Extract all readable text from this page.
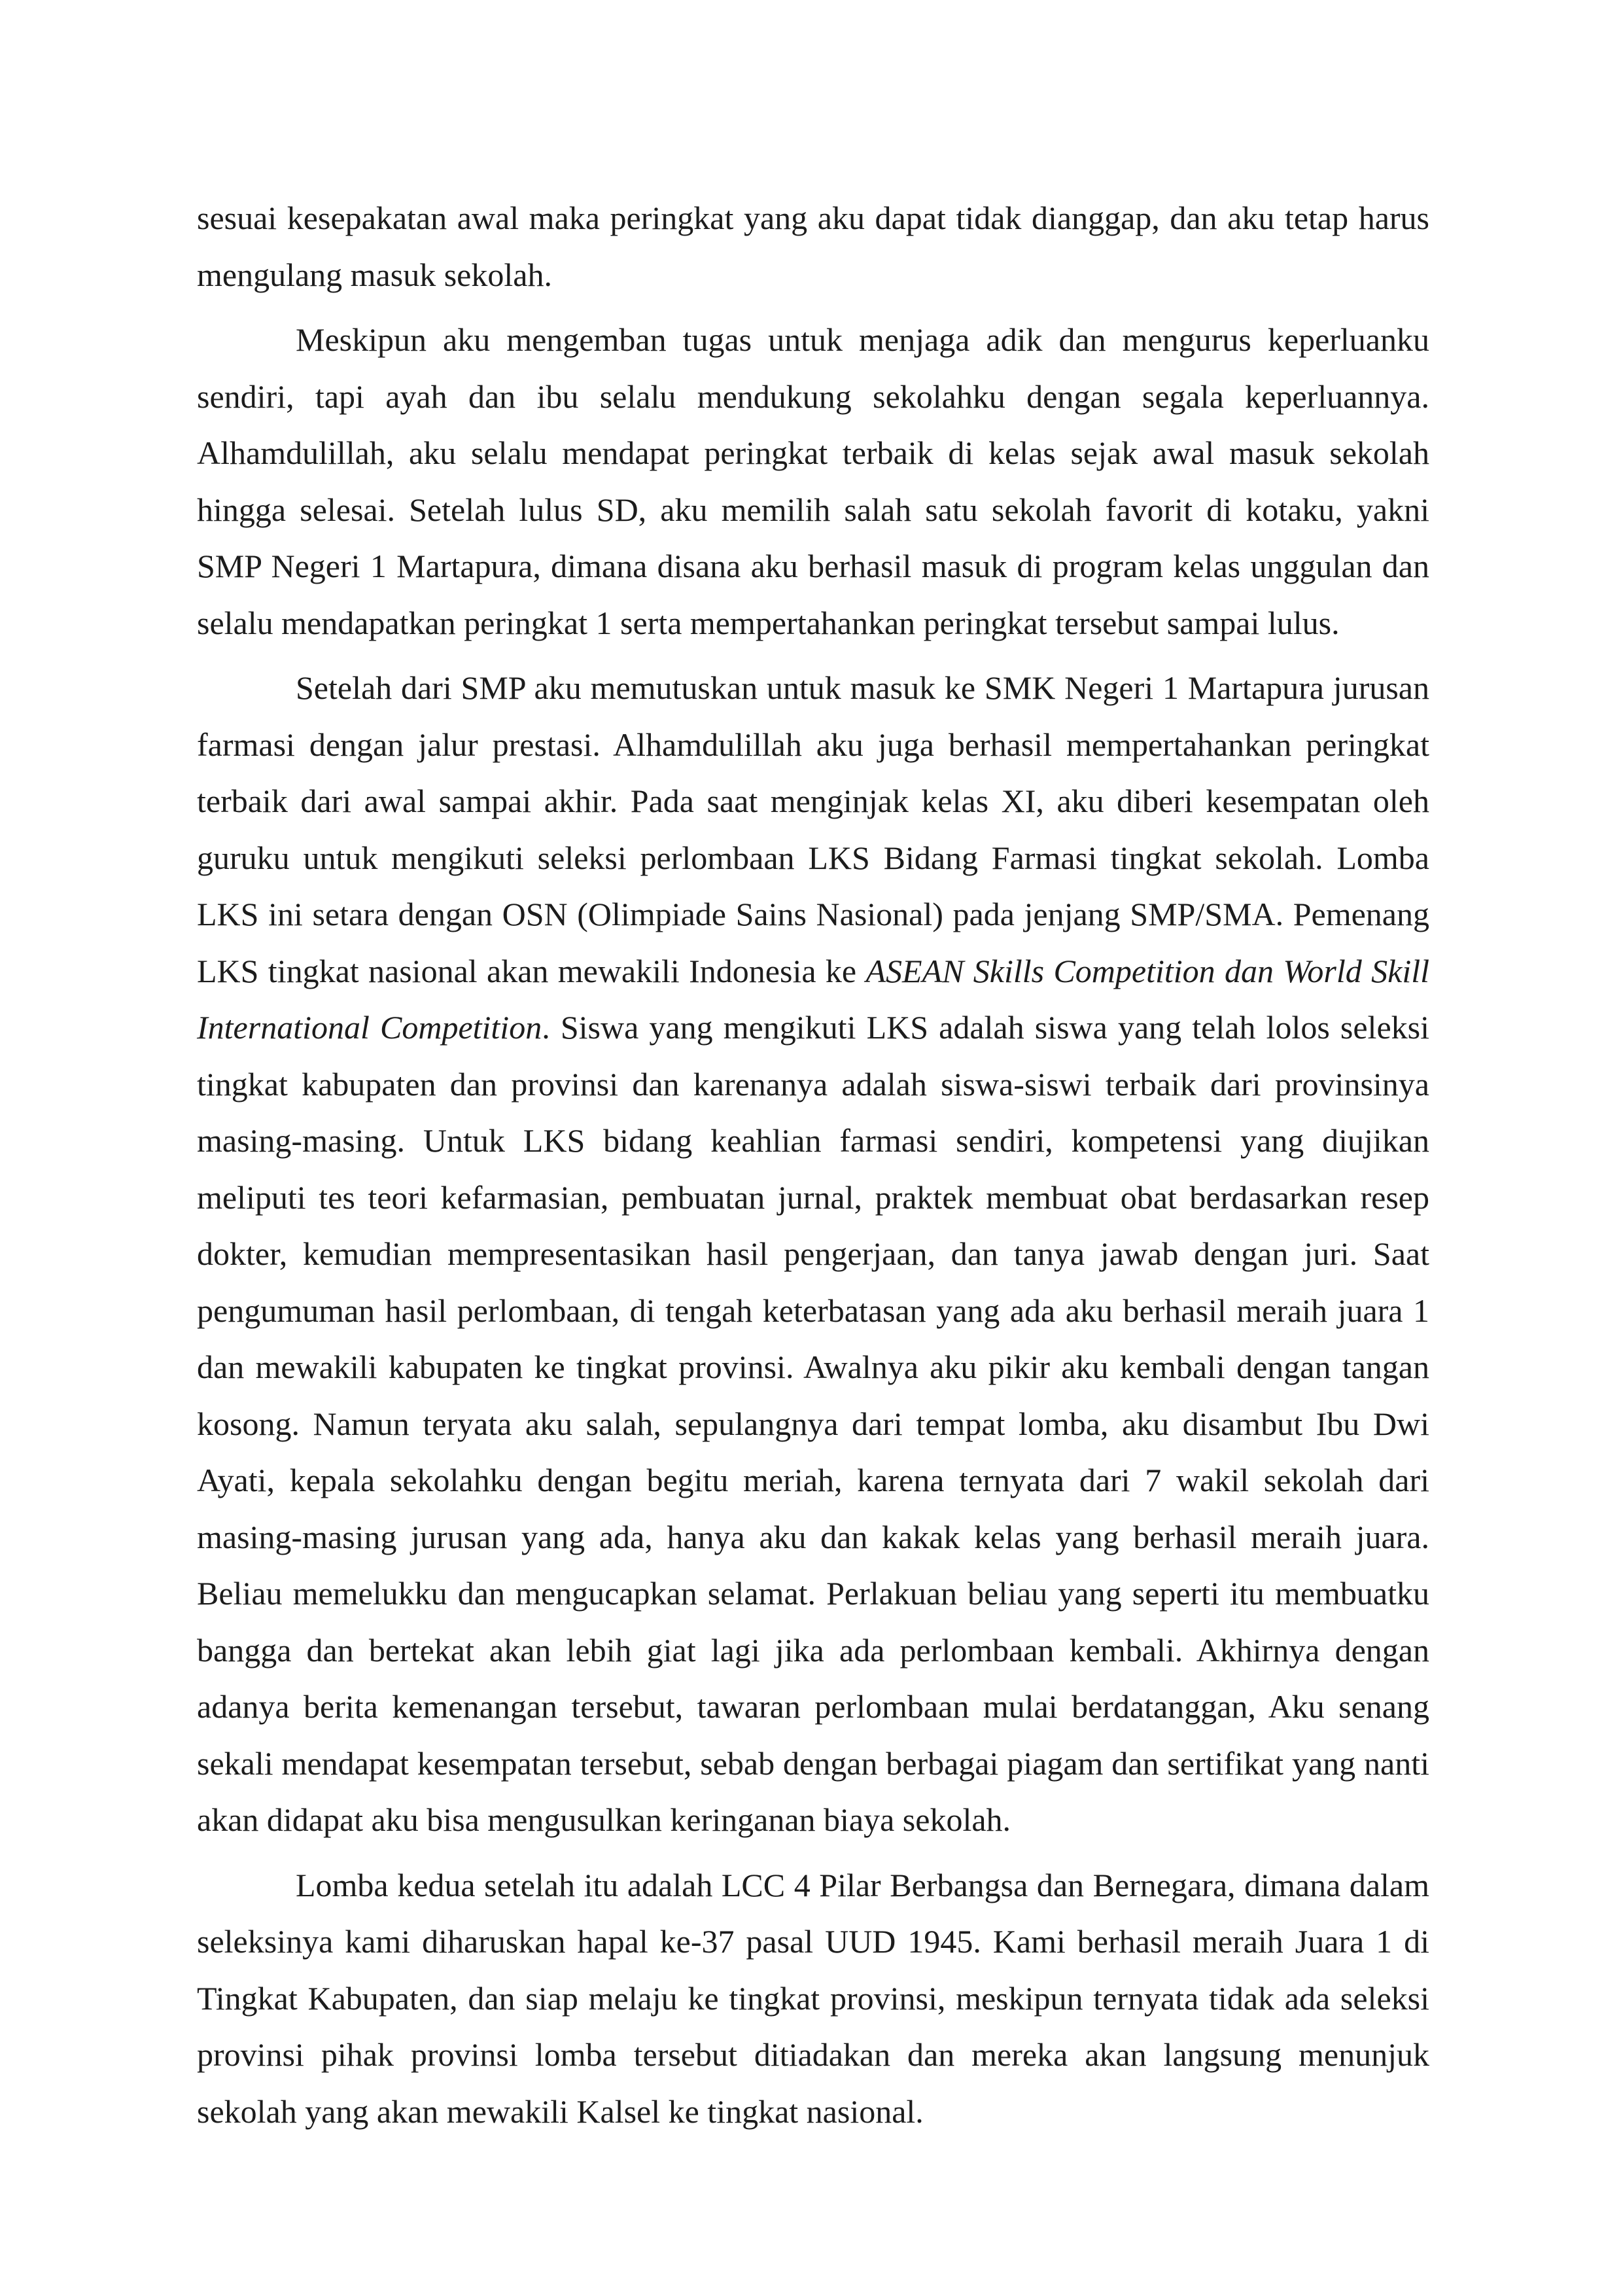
sesuai kesepakatan awal maka peringkat yang aku dapat tidak dianggap, dan aku tetap harus mengulang masuk sekolah.

Meskipun aku mengemban tugas untuk menjaga adik dan mengurus keperluanku sendiri, tapi ayah dan ibu selalu mendukung sekolahku dengan segala keperluannya. Alhamdulillah, aku selalu mendapat peringkat terbaik di kelas sejak awal masuk sekolah hingga selesai. Setelah lulus SD, aku memilih salah satu sekolah favorit di kotaku, yakni SMP Negeri 1 Martapura, dimana disana aku berhasil masuk di program kelas unggulan dan selalu mendapatkan peringkat 1 serta mempertahankan peringkat tersebut sampai lulus.

Setelah dari SMP aku memutuskan untuk masuk ke SMK Negeri 1 Martapura jurusan farmasi dengan jalur prestasi. Alhamdulillah aku juga berhasil mempertahankan peringkat terbaik dari awal sampai akhir. Pada saat menginjak kelas XI, aku diberi kesempatan oleh guruku untuk mengikuti seleksi perlombaan LKS Bidang Farmasi tingkat sekolah. Lomba LKS ini setara dengan OSN (Olimpiade Sains Nasional) pada jenjang SMP/SMA. Pemenang LKS tingkat nasional akan mewakili Indonesia ke ASEAN Skills Competition dan World Skill International Competition. Siswa yang mengikuti LKS adalah siswa yang telah lolos seleksi tingkat kabupaten dan provinsi dan karenanya adalah siswa-siswi terbaik dari provinsinya masing-masing. Untuk LKS bidang keahlian farmasi sendiri, kompetensi yang diujikan meliputi tes teori kefarmasian, pembuatan jurnal, praktek membuat obat berdasarkan resep dokter, kemudian mempresentasikan hasil pengerjaan, dan tanya jawab dengan juri. Saat pengumuman hasil perlombaan, di tengah keterbatasan yang ada aku berhasil meraih juara 1 dan mewakili kabupaten ke tingkat provinsi. Awalnya aku pikir aku kembali dengan tangan kosong. Namun teryata aku salah, sepulangnya dari tempat lomba, aku disambut Ibu Dwi Ayati, kepala sekolahku dengan begitu meriah, karena ternyata dari 7 wakil sekolah dari masing-masing jurusan yang ada, hanya aku dan kakak kelas yang berhasil meraih juara. Beliau memelukku dan mengucapkan selamat. Perlakuan beliau yang seperti itu membuatku bangga dan bertekat akan lebih giat lagi jika ada perlombaan kembali. Akhirnya dengan adanya berita kemenangan tersebut, tawaran perlombaan mulai berdatanggan, Aku senang sekali mendapat kesempatan tersebut, sebab dengan berbagai piagam dan sertifikat yang nanti akan didapat aku bisa mengusulkan keringanan biaya sekolah.

Lomba kedua setelah itu adalah LCC 4 Pilar Berbangsa dan Bernegara, dimana dalam seleksinya kami diharuskan hapal ke-37 pasal UUD 1945. Kami berhasil meraih Juara 1 di Tingkat Kabupaten, dan siap melaju ke tingkat provinsi, meskipun ternyata tidak ada seleksi provinsi pihak provinsi lomba tersebut ditiadakan dan mereka akan langsung menunjuk sekolah yang akan mewakili Kalsel ke tingkat nasional.
